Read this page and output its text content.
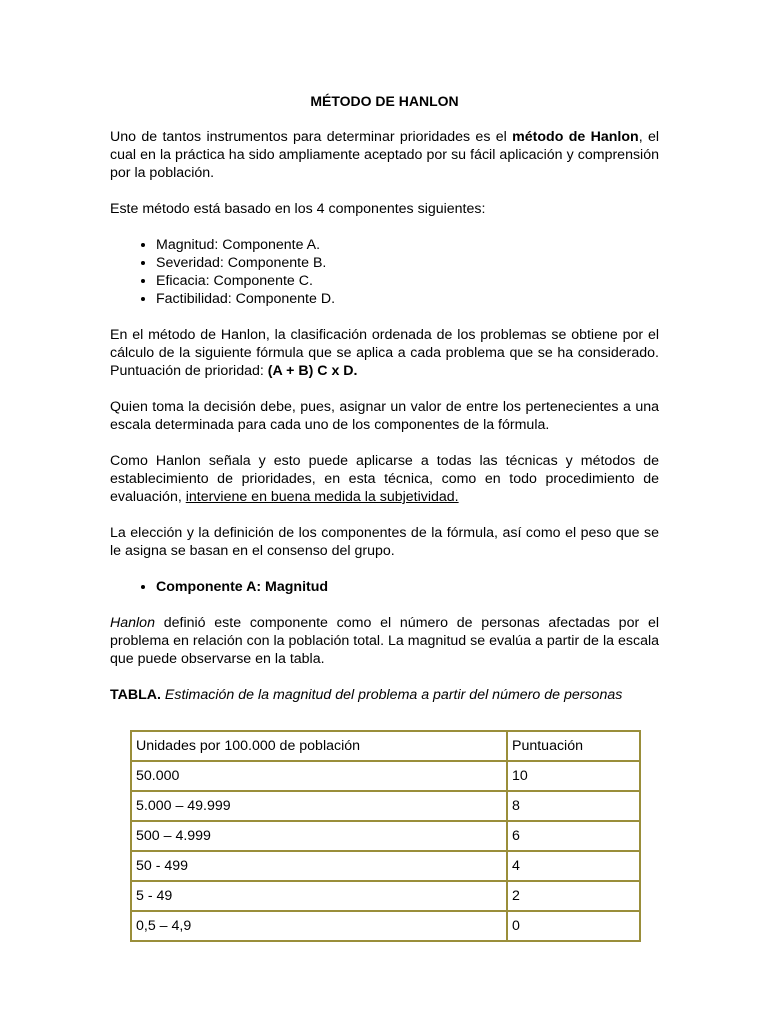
MÉTODO DE HANLON

Uno de tantos instrumentos para determinar prioridades es el método de Hanlon, el cual en la práctica ha sido ampliamente aceptado por su fácil aplicación y comprensión por la población.

Este método está basado en los 4 componentes siguientes:

• Magnitud: Componente A.
• Severidad: Componente B.
• Eficacia: Componente C.
• Factibilidad: Componente D.

En el método de Hanlon, la clasificación ordenada de los problemas se obtiene por el cálculo de la siguiente fórmula que se aplica a cada problema que se ha considerado. Puntuación de prioridad: (A + B) C x D.

Quien toma la decisión debe, pues, asignar un valor de entre los pertenecientes a una escala determinada para cada uno de los componentes de la fórmula.

Como Hanlon señala y esto puede aplicarse a todas las técnicas y métodos de establecimiento de prioridades, en esta técnica, como en todo procedimiento de evaluación, interviene en buena medida la subjetividad.

La elección y la definición de los componentes de la fórmula, así como el peso que se le asigna se basan en el consenso del grupo.

• Componente A: Magnitud

Hanlon definió este componente como el número de personas afectadas por el problema en relación con la población total. La magnitud se evalúa a partir de la escala que puede observarse en la tabla.

TABLA. Estimación de la magnitud del problema a partir del número de personas

Unidades por 100.000 de población	Puntuación
50.000	10
5.000 – 49.999	8
500 – 4.999	6
50 - 499	4
5 - 49	2
0,5 – 4,9	0
